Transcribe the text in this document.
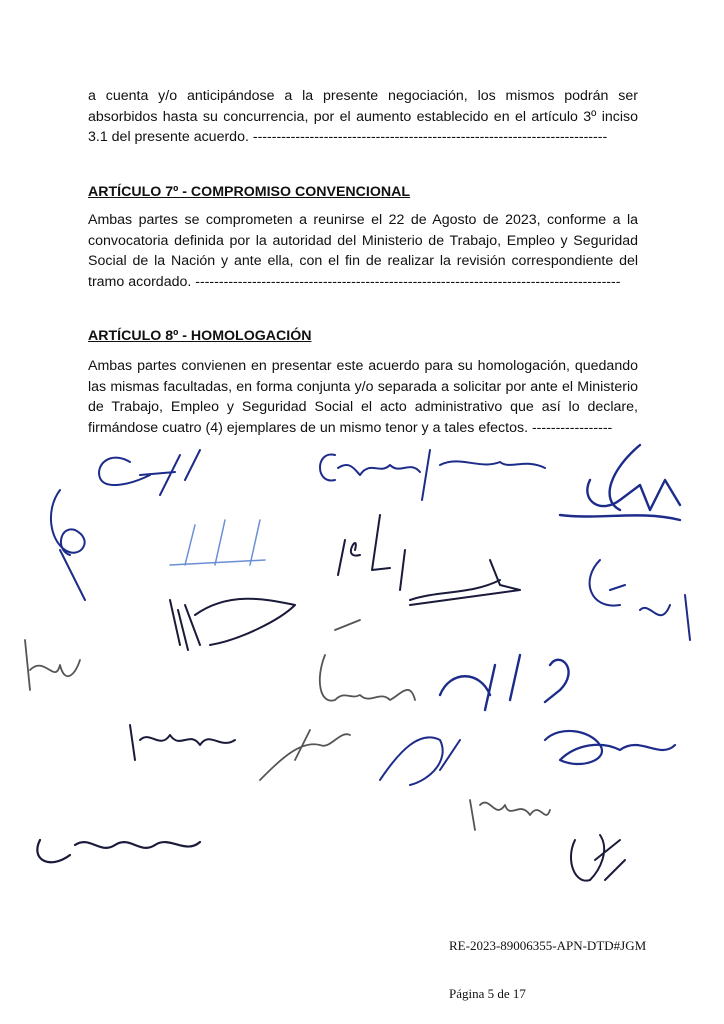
a cuenta y/o anticipándose a la presente negociación, los mismos podrán ser absorbidos hasta su concurrencia, por el aumento establecido en el artículo 3º inciso 3.1 del presente acuerdo. ---------------------------------------------------------------------------

ARTÍCULO 7º - COMPROMISO CONVENCIONAL

Ambas partes se comprometen a reunirse el 22 de Agosto de 2023, conforme a la convocatoria definida por la autoridad del Ministerio de Trabajo, Empleo y Seguridad Social de la Nación y ante ella, con el fin de realizar la revisión correspondiente del tramo acordado. ------------------------------------------------------------------------------------------

ARTÍCULO 8º - HOMOLOGACIÓN

Ambas partes convienen en presentar este acuerdo para su homologación, quedando las mismas facultadas, en forma conjunta y/o separada a solicitar por ante el Ministerio de Trabajo, Empleo y Seguridad Social el acto administrativo que así lo declare, firmándose cuatro (4) ejemplares de un mismo tenor y a tales efectos. -----------------

RE-2023-89006355-APN-DTD#JGM
Página 5 de 17
